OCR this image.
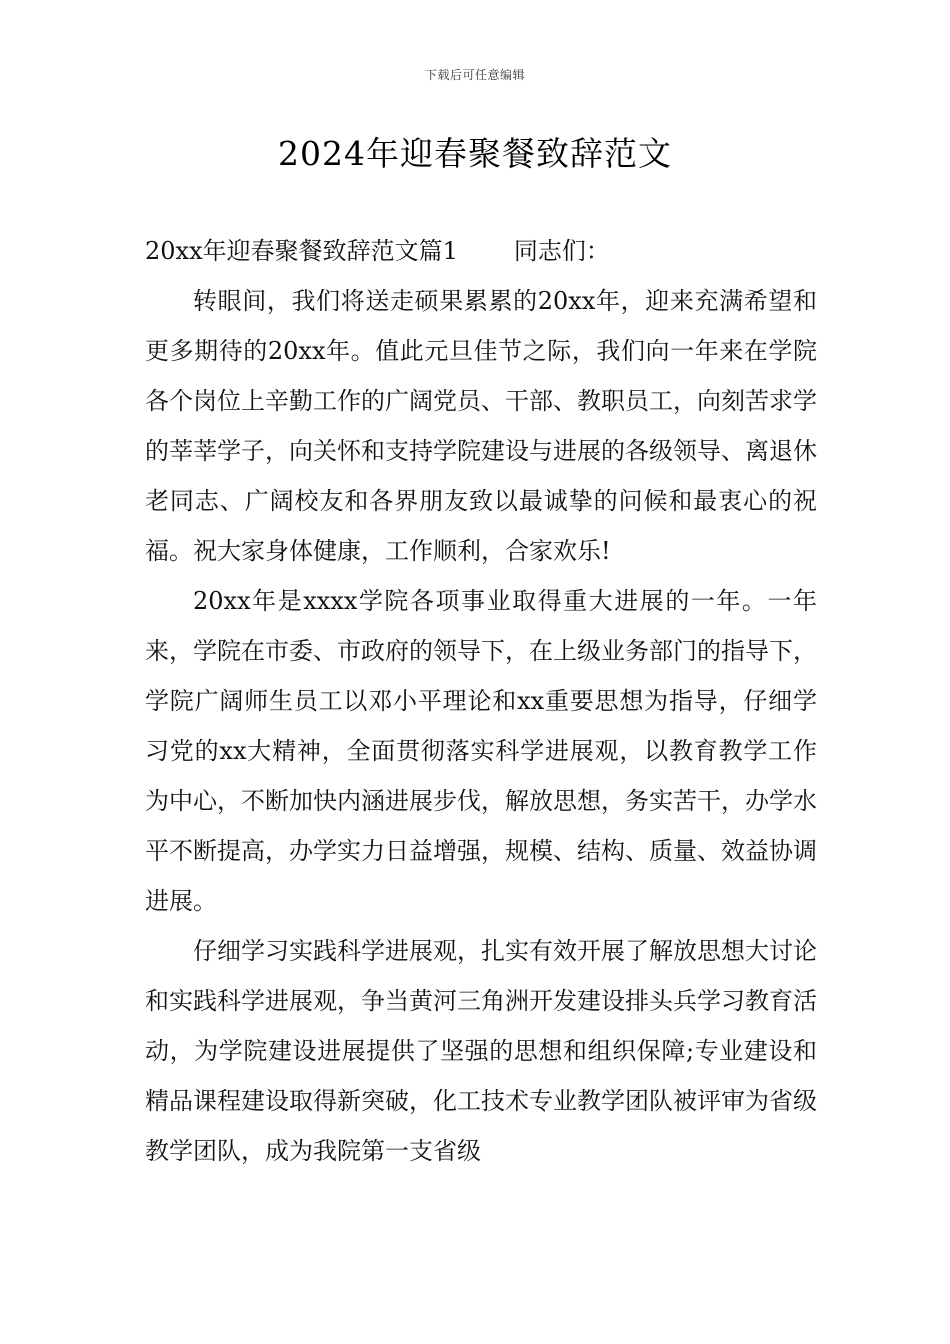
下载后可任意编辑
2024年迎春聚餐致辞范文
20xx年迎春聚餐致辞范文篇1 同志们：

转眼间，我们将送走硕果累累的20xx年，迎来充满希望和更多期待的20xx年。值此元旦佳节之际，我们向一年来在学院各个岗位上辛勤工作的广阔党员、干部、教职员工，向刻苦求学的莘莘学子，向关怀和支持学院建设与进展的各级领导、离退休老同志、广阔校友和各界朋友致以最诚挚的问候和最衷心的祝福。祝大家身体健康，工作顺利，合家欢乐!

20xx年是xxxx学院各项事业取得重大进展的一年。一年来，学院在市委、市政府的领导下，在上级业务部门的指导下，学院广阔师生员工以邓小平理论和xx重要思想为指导，仔细学习党的xx大精神，全面贯彻落实科学进展观，以教育教学工作为中心，不断加快内涵进展步伐，解放思想，务实苦干，办学水平不断提高，办学实力日益增强，规模、结构、质量、效益协调进展。

仔细学习实践科学进展观，扎实有效开展了解放思想大讨论和实践科学进展观，争当黄河三角洲开发建设排头兵学习教育活动，为学院建设进展提供了坚强的思想和组织保障;专业建设和精品课程建设取得新突破，化工技术专业教学团队被评审为省级教学团队，成为我院第一支省级
